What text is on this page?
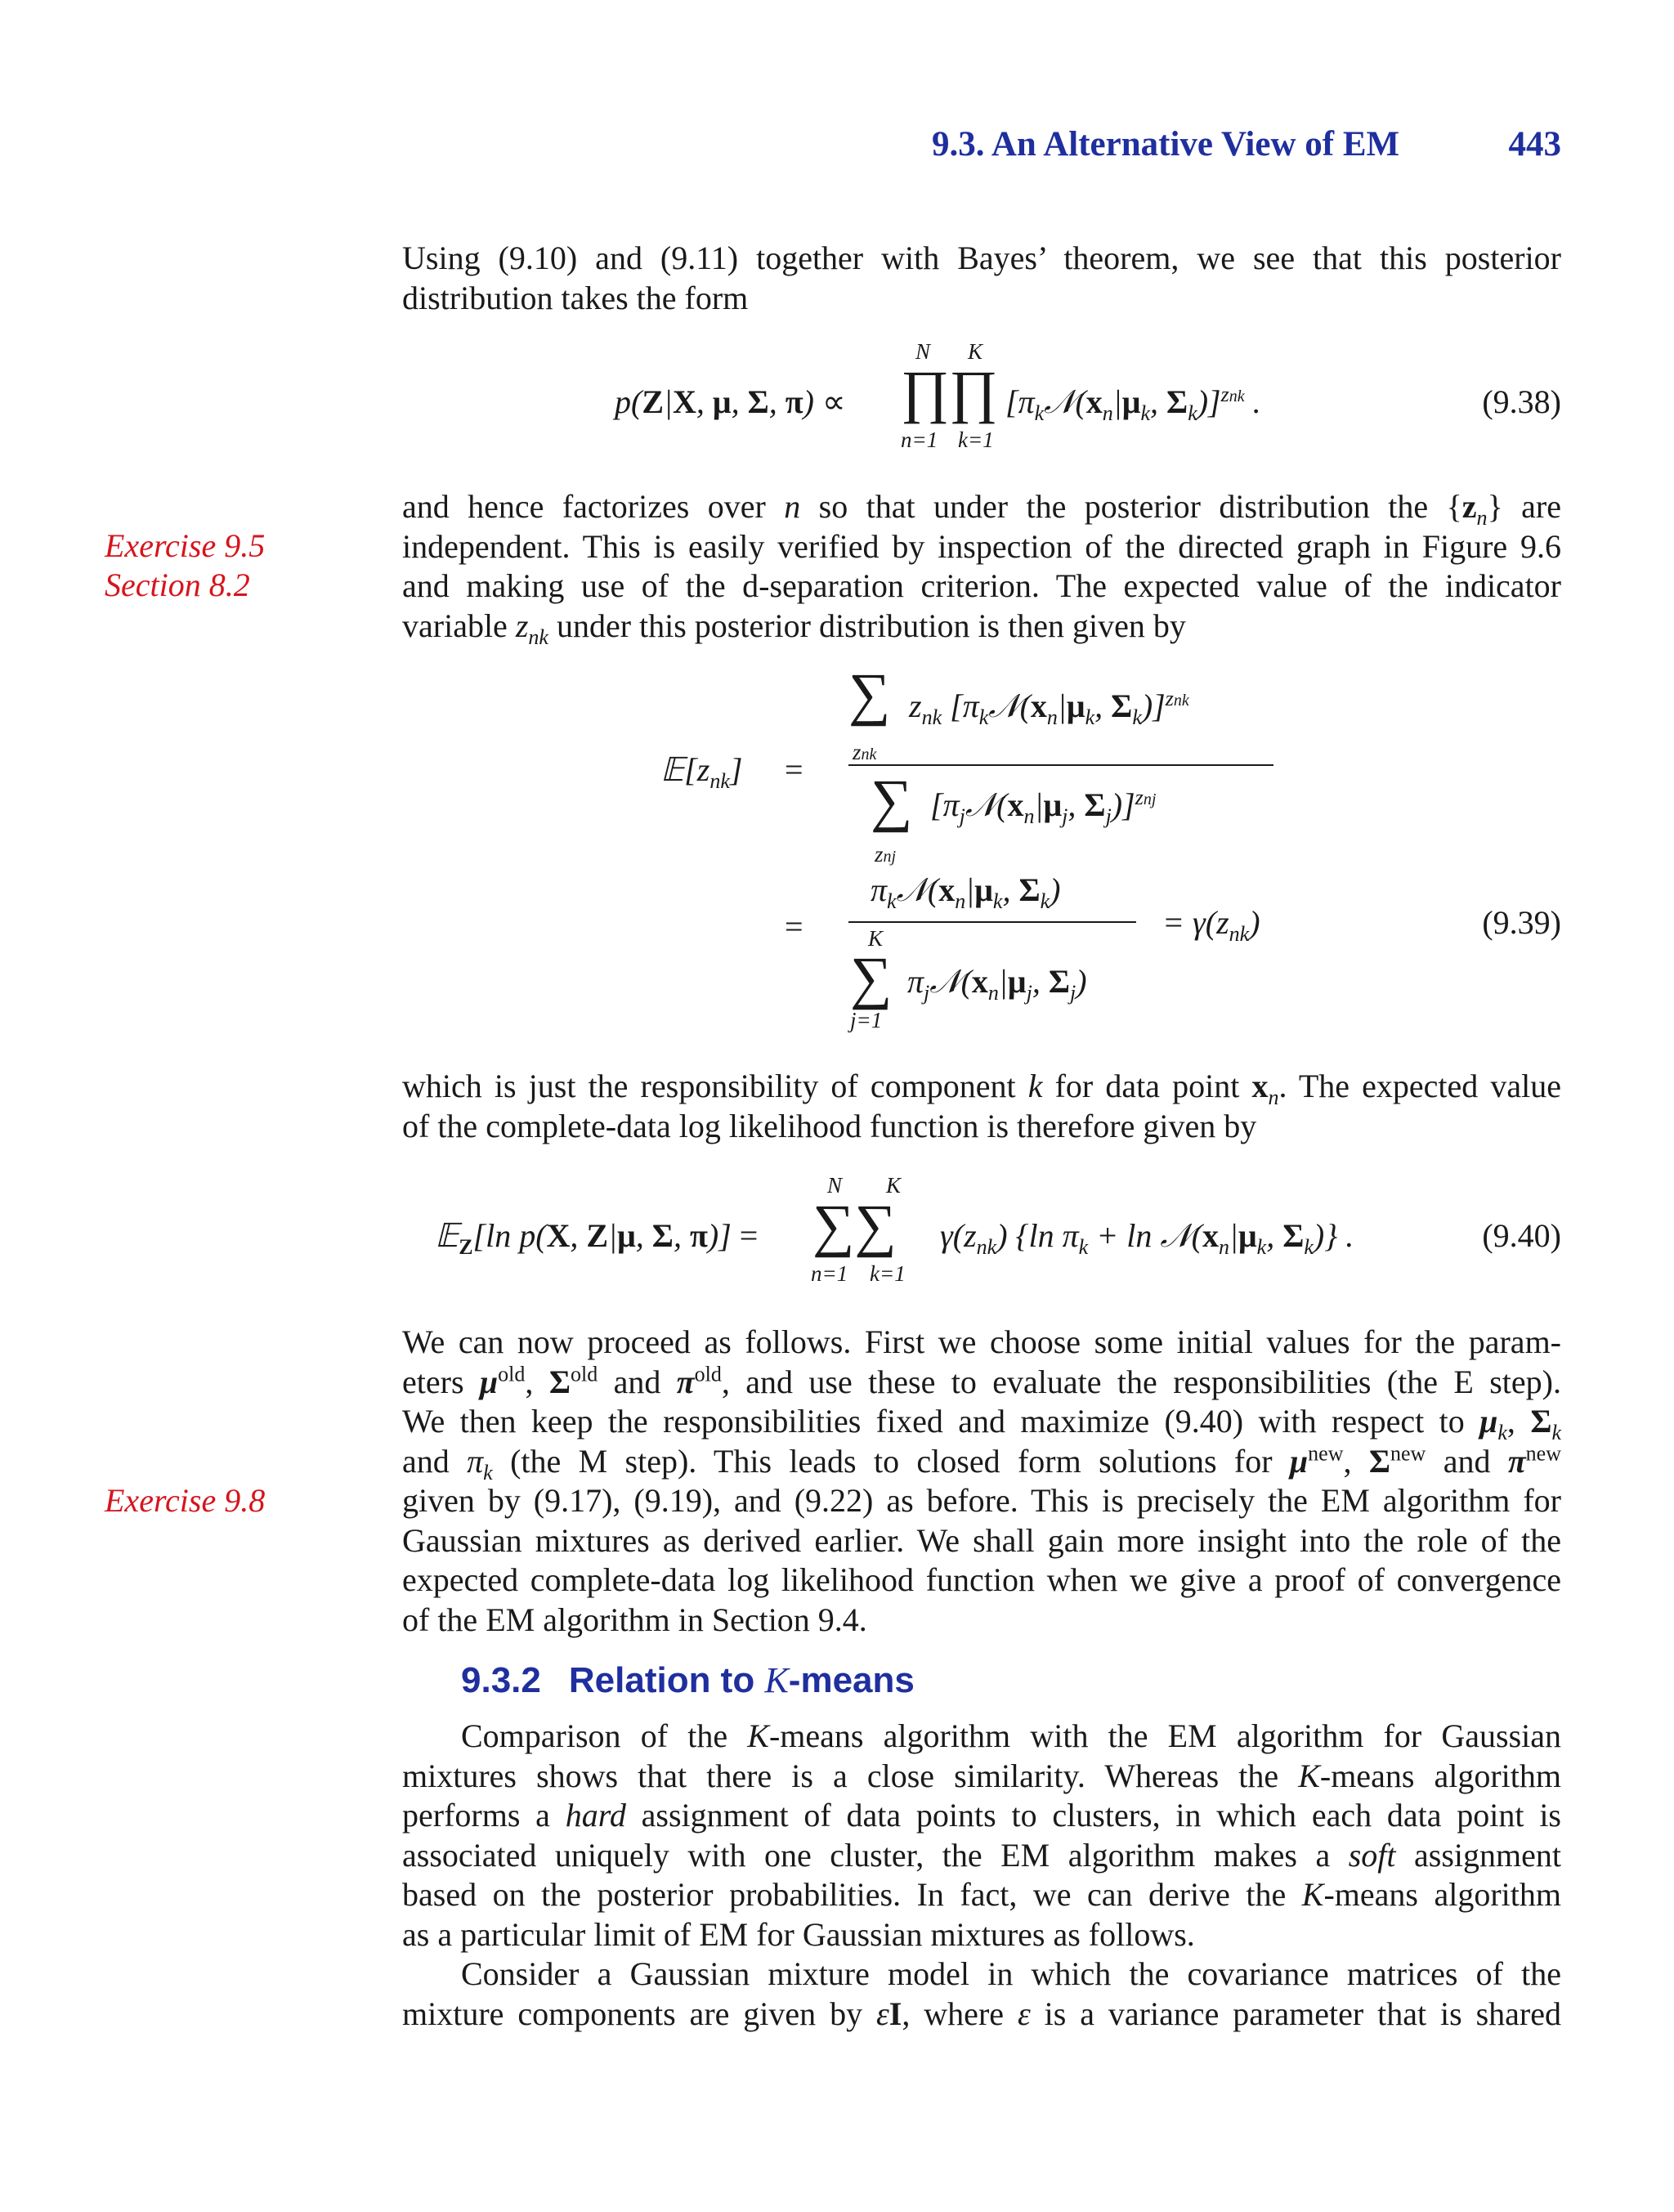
9.3. An Alternative View of EM	443
Using (9.10) and (9.11) together with Bayes’ theorem, we see that this posterior
distribution takes the form
p(Z|X, μ, Σ, π) ∝
N K
∏∏
n=1 k=1
[$\pi_k𝒩(x_n|\mu_k$, $\Sigma_k)]^{znk}$ .	(9.38)
Exercise 9.5
Section 8.2
and hence factorizes over n so that under the posterior distribution the $\{z_n\}$ are
independent. This is easily verified by inspection of the directed graph in Figure 9.6
and making use of the d-separation criterion. The expected value of the indicator
variable $z_{nk}$ under this posterior distribution is then given by
$𝔼[z_{nk}]$ =
∑ $z_{nk}$ [$\pi_k𝒩(x_n|\mu_k$, $\Sigma_k)]^{znk}$
znk
∑ [$\pi_j𝒩(x_n|\mu_j$, $\Sigma_j)]^{znj}$
znj
=
$\pi_k𝒩(x_n|\mu_k$, $\Sigma_k$)
K
∑ $\pi_j𝒩(x_n|\mu_j$, $\Sigma_j$)
j=1
= $\gamma(z_{nk})$	(9.39)
which is just the responsibility of component k for data point $x_n$. The expected value
of the complete-data log likelihood function is therefore given by
𝔼$_Z$[ln p(X, Z|μ, Σ, π)] =
N K
∑∑
n=1 k=1
$\gamma(z_{nk})$ {ln $\pi_k + \ln$ $𝒩(x_n|\mu_k$, $\Sigma_k$)} .	(9.40)
Exercise 9.8
We can now proceed as follows. First we choose some initial values for the param-
eters $\mu^{old}$, $\Sigma^{old}$ and $\pi^{old}$, and use these to evaluate the responsibilities (the E step).
We then keep the responsibilities fixed and maximize (9.40) with respect to $\mu_k$, $\Sigma_k$
and $\pi_k$ (the M step). This leads to closed form solutions for $\mu^{new}$, $\Sigma^{new}$ and $\pi^{new}$
given by (9.17), (9.19), and (9.22) as before. This is precisely the EM algorithm for
Gaussian mixtures as derived earlier. We shall gain more insight into the role of the
expected complete-data log likelihood function when we give a proof of convergence
of the EM algorithm in Section 9.4.
9.3.2 Relation to K-means
Comparison of the K-means algorithm with the EM algorithm for Gaussian
mixtures shows that there is a close similarity. Whereas the K-means algorithm
performs a hard assignment of data points to clusters, in which each data point is
associated uniquely with one cluster, the EM algorithm makes a soft assignment
based on the posterior probabilities. In fact, we can derive the K-means algorithm
as a particular limit of EM for Gaussian mixtures as follows.
Consider a Gaussian mixture model in which the covariance matrices of the
mixture components are given by εI, where ε is a variance parameter that is shared
